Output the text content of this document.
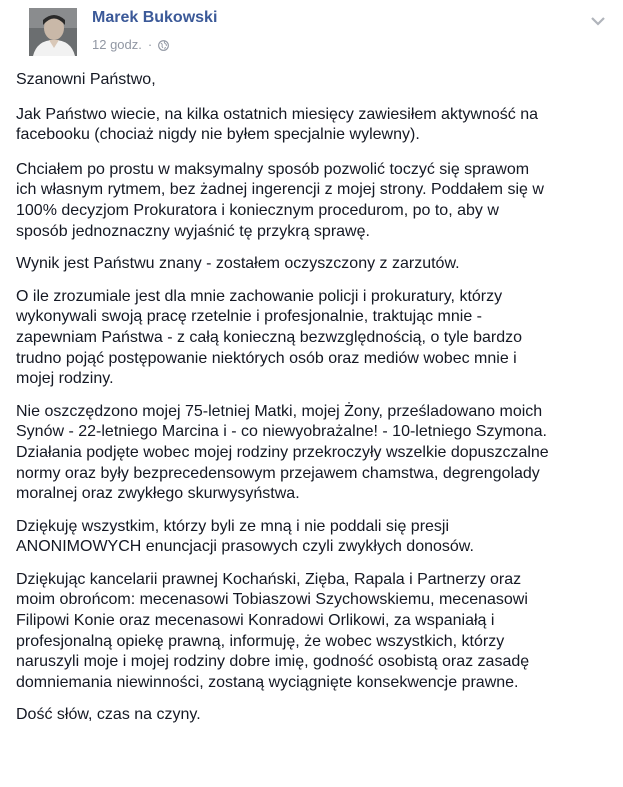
Marek Bukowski
12 godz. ·

Szanowni Państwo,

Jak Państwo wiecie, na kilka ostatnich miesięcy zawiesiłem aktywność na
facebooku (chociaż nigdy nie byłem specjalnie wylewny).

Chciałem po prostu w maksymalny sposób pozwolić toczyć się sprawom
ich własnym rytmem, bez żadnej ingerencji z mojej strony. Poddałem się w
100% decyzjom Prokuratora i koniecznym procedurom, po to, aby w
sposób jednoznaczny wyjaśnić tę przykrą sprawę.

Wynik jest Państwu znany - zostałem oczyszczony z zarzutów.

O ile zrozumiale jest dla mnie zachowanie policji i prokuratury, którzy
wykonywali swoją pracę rzetelnie i profesjonalnie, traktując mnie -
zapewniam Państwa - z całą konieczną bezwzględnością, o tyle bardzo
trudno pojąć postępowanie niektórych osób oraz mediów wobec mnie i
mojej rodziny.

Nie oszczędzono mojej 75-letniej Matki, mojej Żony, prześladowano moich
Synów - 22-letniego Marcina i - co niewyobrażalne! - 10-letniego Szymona.
Działania podjęte wobec mojej rodziny przekroczyły wszelkie dopuszczalne
normy oraz były bezprecedensowym przejawem chamstwa, degrengolady
moralnej oraz zwykłego skurwysyństwa.

Dziękuję wszystkim, którzy byli ze mną i nie poddali się presji
ANONIMOWYCH enuncjacji prasowych czyli zwykłych donosów.

Dziękując kancelarii prawnej Kochański, Zięba, Rapala i Partnerzy oraz
moim obrońcom: mecenasowi Tobiaszowi Szychowskiemu, mecenasowi
Filipowi Konie oraz mecenasowi Konradowi Orlikowi, za wspaniałą i
profesjonalną opiekę prawną, informuję, że wobec wszystkich, którzy
naruszyli moje i mojej rodziny dobre imię, godność osobistą oraz zasadę
domniemania niewinności, zostaną wyciągnięte konsekwencje prawne.

Dość słów, czas na czyny.
